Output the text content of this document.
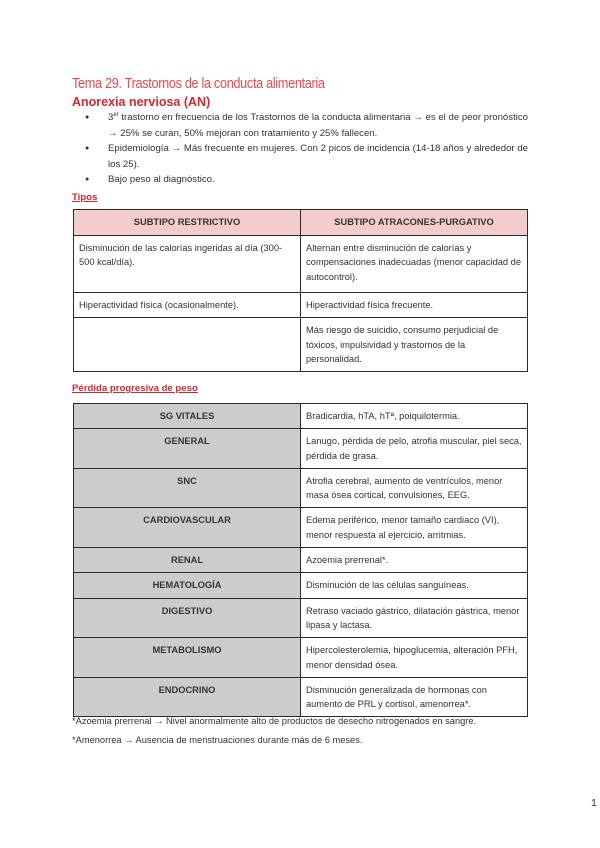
Tema 29. Trastornos de la conducta alimentaria
Anorexia nerviosa (AN)
● 3er trastorno en frecuencia de los Trastornos de la conducta alimentaria → es el de peor pronóstico → 25% se curan, 50% mejoran con tratamiento y 25% fallecen.
● Epidemiología → Más frecuente en mujeres. Con 2 picos de incidencia (14-18 años y alrededor de los 25).
● Bajo peso al diagnóstico.
Tipos
SUBTIPO RESTRICTIVO	SUBTIPO ATRACONES-PURGATIVO
Disminución de las calorías ingeridas al día (300-500 kcal/día).	Alternan entre disminución de calorías y compensaciones inadecuadas (menor capacidad de autocontrol).
Hiperactividad física (ocasionalmente).	Hiperactividad física frecuente.
	Más riesgo de suicidio, consumo perjudicial de tóxicos, impulsividad y trastornos de la personalidad.
Pérdida progresiva de peso
SG VITALES	Bradicardia, hTA, hTª, poiquilotermia.
GENERAL	Lanugo, pérdida de pelo, atrofia muscular, piel seca, pérdida de grasa.
SNC	Atrofia cerebral, aumento de ventrículos, menor masa ósea cortical, convulsiones, EEG.
CARDIOVASCULAR	Edema periférico, menor tamaño cardiaco (VI), menor respuesta al ejercicio, arritmias.
RENAL	Azoemia prerrenal*.
HEMATOLOGÍA	Disminución de las células sanguíneas.
DIGESTIVO	Retraso vaciado gástrico, dilatación gástrica, menor lipasa y lactasa.
METABOLISMO	Hipercolesterolemia, hipoglucemia, alteración PFH, menor densidad ósea.
ENDOCRINO	Disminución generalizada de hormonas con aumento de PRL y cortisol, amenorrea*.
*Azoemia prerrenal → Nivel anormalmente alto de productos de desecho nitrogenados en sangre.
*Amenorrea → Ausencia de menstruaciones durante más de 6 meses.
1
